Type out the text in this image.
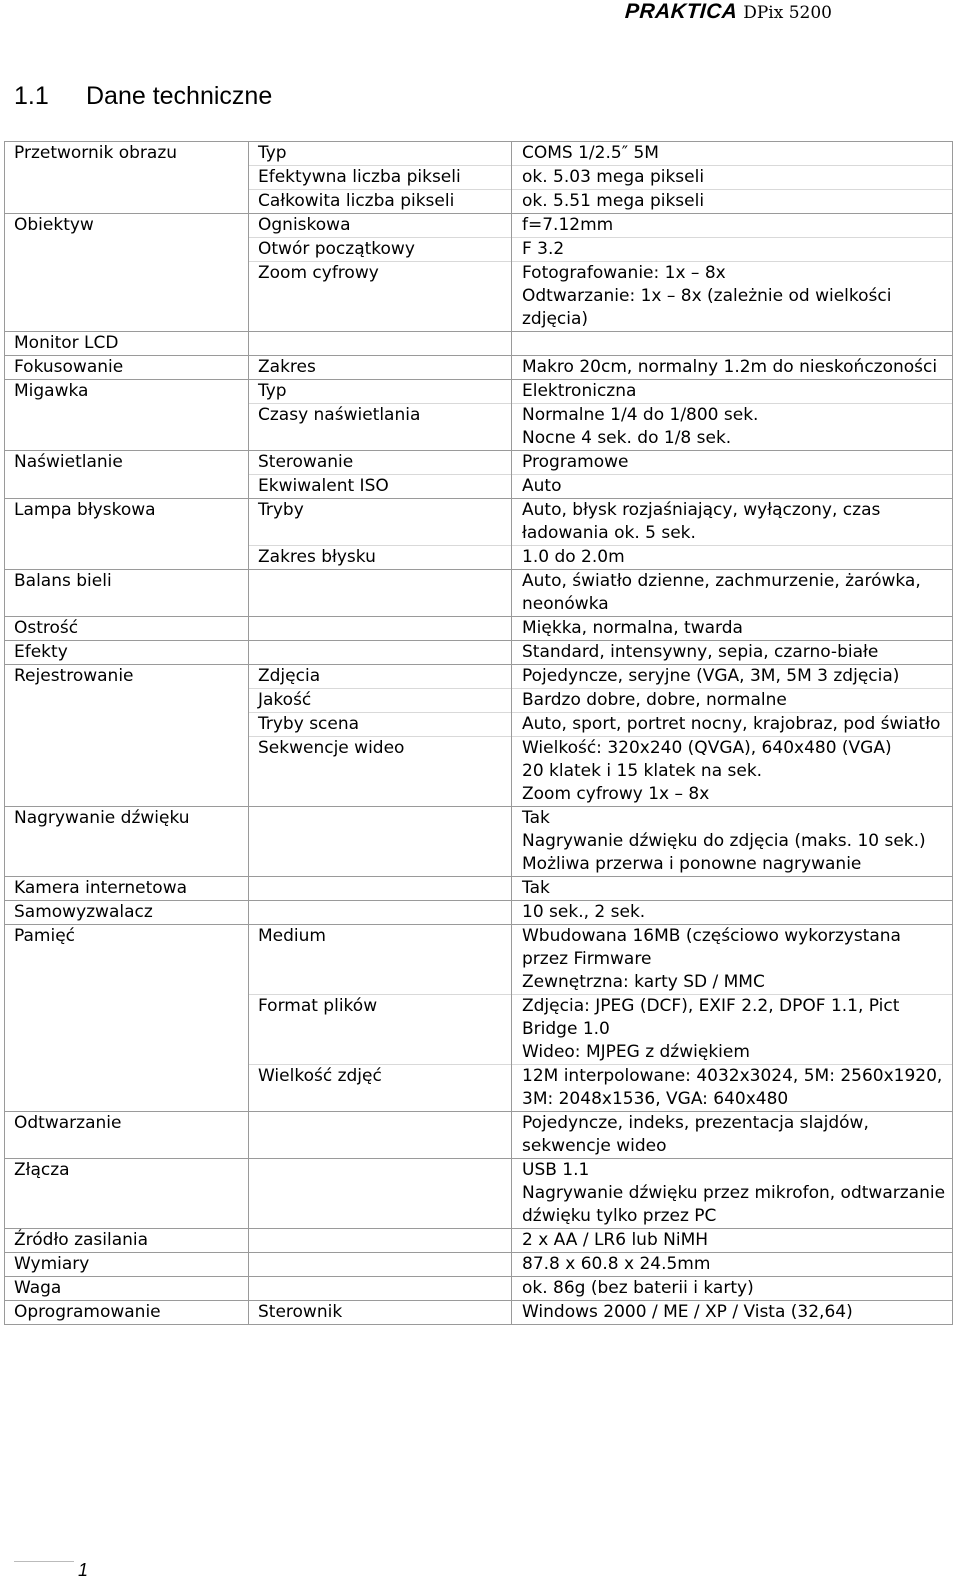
PRAKTICA DPix 5200
1.1 Dane techniczne
Przetwornik obrazu	Typ	COMS 1/2.5″ 5M

	Efektywna liczba pikseli	ok. 5.03 mega pikseli

	Całkowita liczba pikseli	ok. 5.51 mega pikseli

Obiektyw	Ogniskowa	f=7.12mm

	Otwór początkowy	F 3.2

	Zoom cyfrowy	Fotografowanie: 1x – 8x
Odtwarzanie: 1x – 8x (zależnie od wielkości zdjęcia)

Monitor LCD		

Fokusowanie	Zakres	Makro 20cm, normalny 1.2m do nieskończoności

Migawka	Typ	Elektroniczna

	Czasy naświetlania	Normalne 1/4 do 1/800 sek.
Nocne 4 sek. do 1/8 sek.

Naświetlanie	Sterowanie	Programowe

	Ekwiwalent ISO	Auto

Lampa błyskowa	Tryby	Auto, błysk rozjaśniający, wyłączony, czas ładowania ok. 5 sek.

	Zakres błysku	1.0 do 2.0m

Balans bieli		Auto, światło dzienne, zachmurzenie, żarówka, neonówka

Ostrość		Miękka, normalna, twarda

Efekty		Standard, intensywny, sepia, czarno-białe

Rejestrowanie	Zdjęcia	Pojedyncze, seryjne (VGA, 3M, 5M 3 zdjęcia)

	Jakość	Bardzo dobre, dobre, normalne

	Tryby scena	Auto, sport, portret nocny, krajobraz, pod światło

	Sekwencje wideo	Wielkość: 320x240 (QVGA), 640x480 (VGA)
20 klatek i 15 klatek na sek.
Zoom cyfrowy 1x – 8x

Nagrywanie dźwięku		Tak
Nagrywanie dźwięku do zdjęcia (maks. 10 sek.)
Możliwa przerwa i ponowne nagrywanie

Kamera internetowa		Tak

Samowyzwalacz		10 sek., 2 sek.

Pamięć	Medium	Wbudowana 16MB (częściowo wykorzystana przez Firmware
Zewnętrzna: karty SD / MMC

	Format plików	Zdjęcia: JPEG (DCF), EXIF 2.2, DPOF 1.1, Pict Bridge 1.0
Wideo: MJPEG z dźwiękiem

	Wielkość zdjęć	12M interpolowane: 4032x3024, 5M: 2560x1920, 3M: 2048x1536, VGA: 640x480

Odtwarzanie		Pojedyncze, indeks, prezentacja slajdów, sekwencje wideo

Złącza		USB 1.1
Nagrywanie dźwięku przez mikrofon, odtwarzanie dźwięku tylko przez PC

Źródło zasilania		2 x AA / LR6 lub NiMH

Wymiary		87.8 x 60.8 x 24.5mm

Waga		ok. 86g (bez baterii i karty)

Oprogramowanie	Sterownik	Windows 2000 / ME / XP / Vista (32,64)
1
